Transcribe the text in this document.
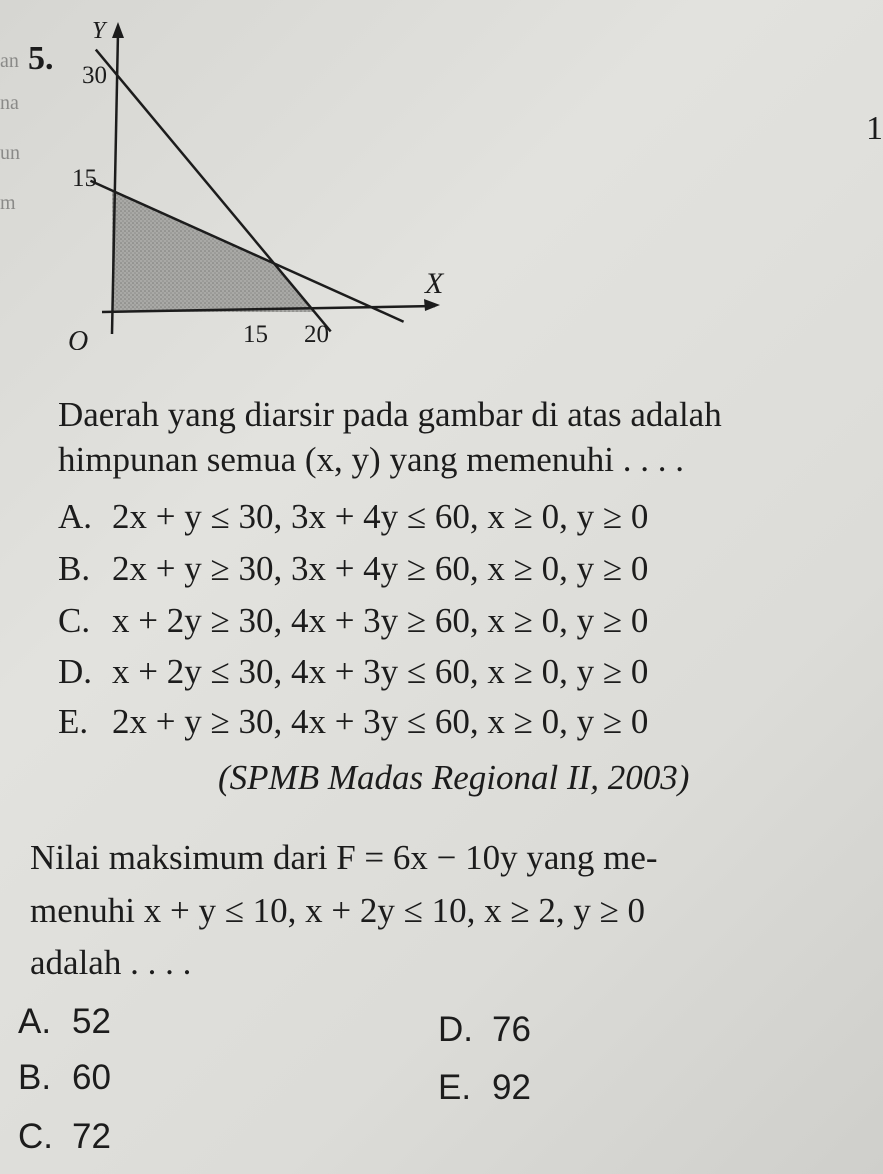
an
na
un
m
5.
1
Y
X
O
30
15
15 20
Daerah yang diarsir pada gambar di atas adalah
himpunan semua (x, y) yang memenuhi . . . .
A. 2x + y ≤ 30, 3x + 4y ≤ 60, x ≥ 0, y ≥ 0
B. 2x + y ≥ 30, 3x + 4y ≥ 60, x ≥ 0, y ≥ 0
C. x + 2y ≥ 30, 4x + 3y ≥ 60, x ≥ 0, y ≥ 0
D. x + 2y ≤ 30, 4x + 3y ≤ 60, x ≥ 0, y ≥ 0
E. 2x + y ≥ 30, 4x + 3y ≤ 60, x ≥ 0, y ≥ 0
(SPMB Madas Regional II, 2003)
Nilai maksimum dari F = 6x − 10y yang me-
menuhi x + y ≤ 10, x + 2y ≤ 10, x ≥ 2, y ≥ 0
adalah . . . .
A. 52
B. 60
C. 72
D. 76
E. 92
